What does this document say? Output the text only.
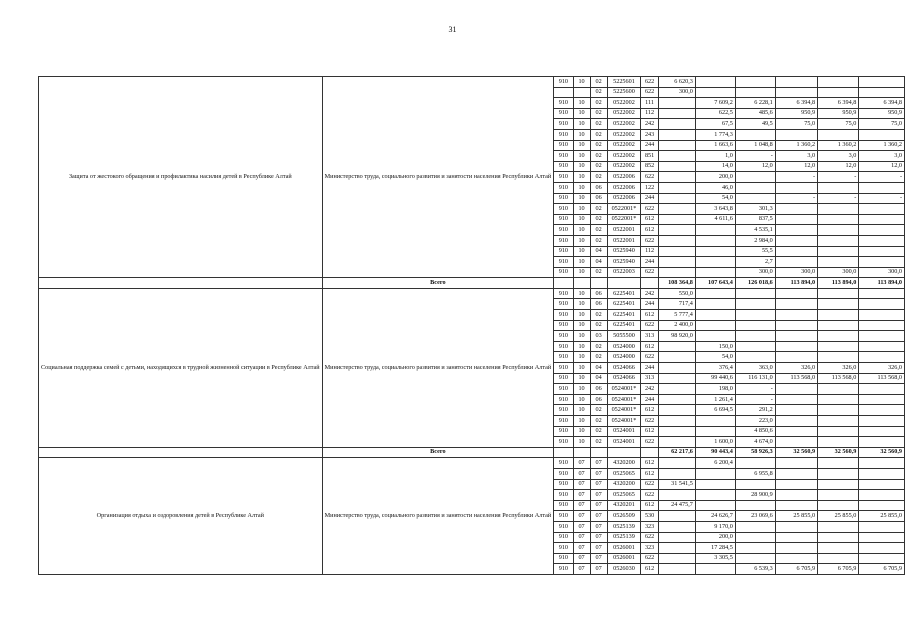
31
Защита от жестокого обращения и профилактика насилия детей в Республике Алтай	Министерство труда, социального развития и занятости населения Республики Алтай	910	10	02	5225601	622	6 620,3					
				02	5225600	622	300,0					
		910	10	02	0522002	111		7 609,2	6 228,1	6 394,8	6 394,8	6 394,8
		910	10	02	0522002	112		622,5	485,6	950,9	950,9	950,9
		910	10	02	0522002	242		67,5	49,5	75,0	75,0	75,0
		910	10	02	0522002	243		1 774,3				
		910	10	02	0522002	244		1 663,6	1 048,8	1 360,2	1 360,2	1 360,2
		910	10	02	0522002	851		1,0	-	3,0	3,0	3,0
		910	10	02	0522002	852		14,0	12,0	12,0	12,0	12,0
		910	10	02	0522006	622		200,0		-	-	-
		910	10	06	0522006	122		46,0				
		910	10	06	0522006	244		54,0		-	-	-
		910	10	02	0522001*	622		3 643,8	301,3			
		910	10	02	0522001*	612		4 611,6	837,5			
		910	10	02	0522001	612			4 535,1			
		910	10	02	0522001	622			2 984,0			
		910	10	04	0525940	112			55,5			
		910	10	04	0525940	244			2,7			
		910	10	02	0522003	622			300,0	300,0	300,0	300,0
	Всего						108 364,8	107 643,4	126 018,6	113 894,0	113 894,0	113 894,0
Социальная поддержка семей с детьми, находящихся в трудной жизненной ситуации в Республике Алтай	Министерство труда, социального развития и занятости населения Республики Алтай	910	10	06	6225401	242	550,0					
		910	10	06	6225401	244	717,4					
		910	10	02	6225401	612	5 777,4					
		910	10	02	6225401	622	2 400,0					
		910	10	03	5055500	313	98 920,0					
		910	10	02	0524000	612		150,0				
		910	10	02	0524000	622		54,0				
		910	10	04	0524066	244		376,4	363,0	326,0	326,0	326,0
		910	10	04	0524066	313		99 440,6	116 131,0	113 568,0	113 568,0	113 568,0
		910	10	06	0524001*	242		198,0	-			
		910	10	06	0524001*	244		1 261,4	-			
		910	10	02	0524001*	612		6 694,5	291,2			
		910	10	02	0524001*	622			223,0			
		910	10	02	0524001	612			4 850,6			
		910	10	02	0524001	622		1 600,0	4 674,0			
	Всего						62 217,6	90 443,4	58 926,3	32 560,9	32 560,9	32 560,9
Организация отдыха и оздоровления детей в Республике Алтай	Министерство труда, социального развития и занятости населения Республики Алтай	910	07	07	4320200	612		6 200,4				
		910	07	07	0525065	612			6 955,8			
		910	07	07	4320200	622	31 541,5					
		910	07	07	0525065	622			28 900,9			
		910	07	07	4320201	612	24 475,7					
		910	07	07	0526509	530		24 626,7	23 069,6	25 855,0	25 855,0	25 855,0
		910	07	07	0525139	323		9 170,0				
		910	07	07	0525139	622		200,0				
		910	07	07	0526001	323		17 284,5				
		910	07	07	0526001	622		3 305,5				
		910	07	07	0526030	612			6 539,3	6 705,9	6 705,9	6 705,9
